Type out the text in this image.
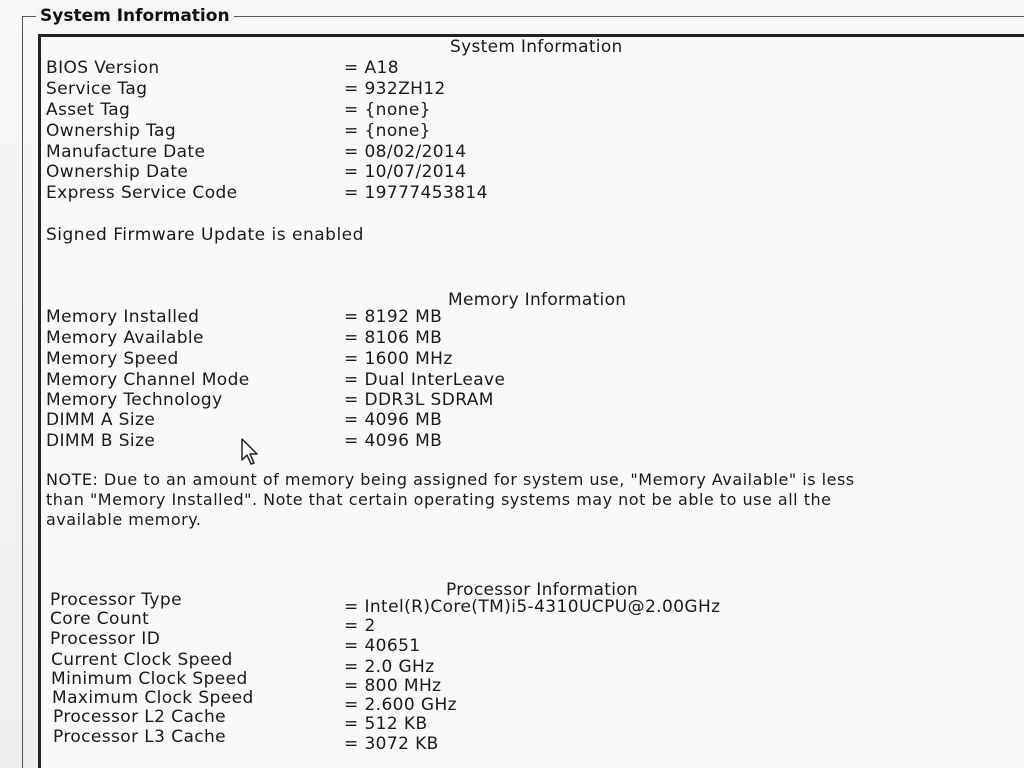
System Information
System Information
BIOS Version	= A18
Service Tag	= 932ZH12
Asset Tag	= {none}
Ownership Tag	= {none}
Manufacture Date	= 08/02/2014
Ownership Date	= 10/07/2014
Express Service Code	= 19777453814
Signed Firmware Update is enabled
Memory Information
Memory Installed	= 8192 MB
Memory Available	= 8106 MB
Memory Speed	= 1600 MHz
Memory Channel Mode	= Dual InterLeave
Memory Technology	= DDR3L SDRAM
DIMM A Size	= 4096 MB
DIMM B Size	= 4096 MB
NOTE: Due to an amount of memory being assigned for system use, "Memory Available" is less
than "Memory Installed". Note that certain operating systems may not be able to use all the
available memory.
Processor Information
Processor Type	= Intel(R)Core(TM)i5-4310UCPU@2.00GHz
Core Count	= 2
Processor ID	= 40651
Current Clock Speed	= 2.0 GHz
Minimum Clock Speed	= 800 MHz
Maximum Clock Speed	= 2.600 GHz
Processor L2 Cache	= 512 KB
Processor L3 Cache	= 3072 KB
